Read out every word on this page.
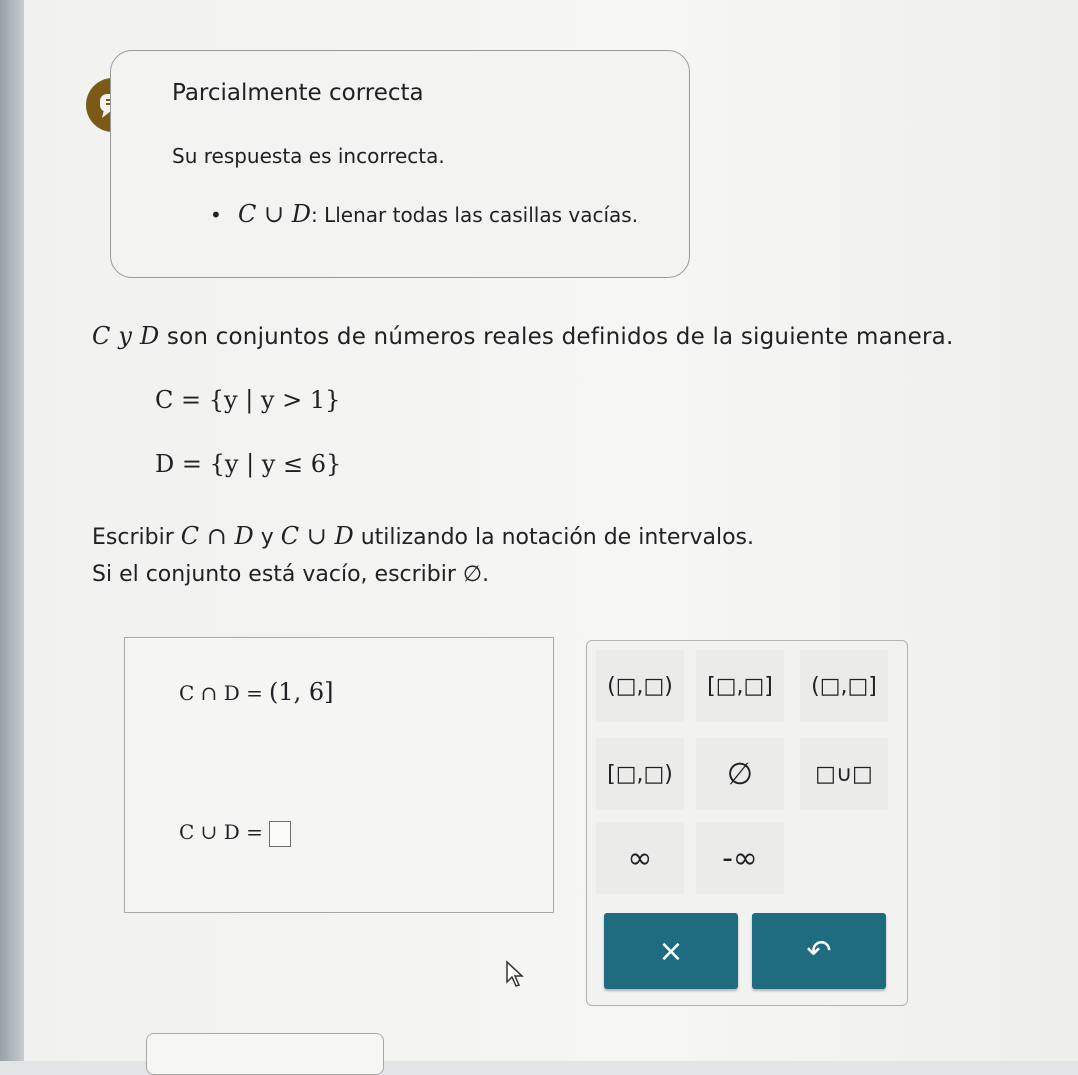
Parcialmente correcta
Su respuesta es incorrecta.
• C ∪ D: Llenar todas las casillas vacías.
C y D son conjuntos de números reales definidos de la siguiente manera.
C = {y | y > 1}
D = {y | y ≤ 6}
Escribir C ∩ D y C ∪ D utilizando la notación de intervalos.
Si el conjunto está vacío, escribir ∅.
C ∩ D = (1, 6]
C ∪ D =
(□,□)	[□,□]	(□,□]
[□,□)	∅	□∪□
∞	-∞
×	↶
